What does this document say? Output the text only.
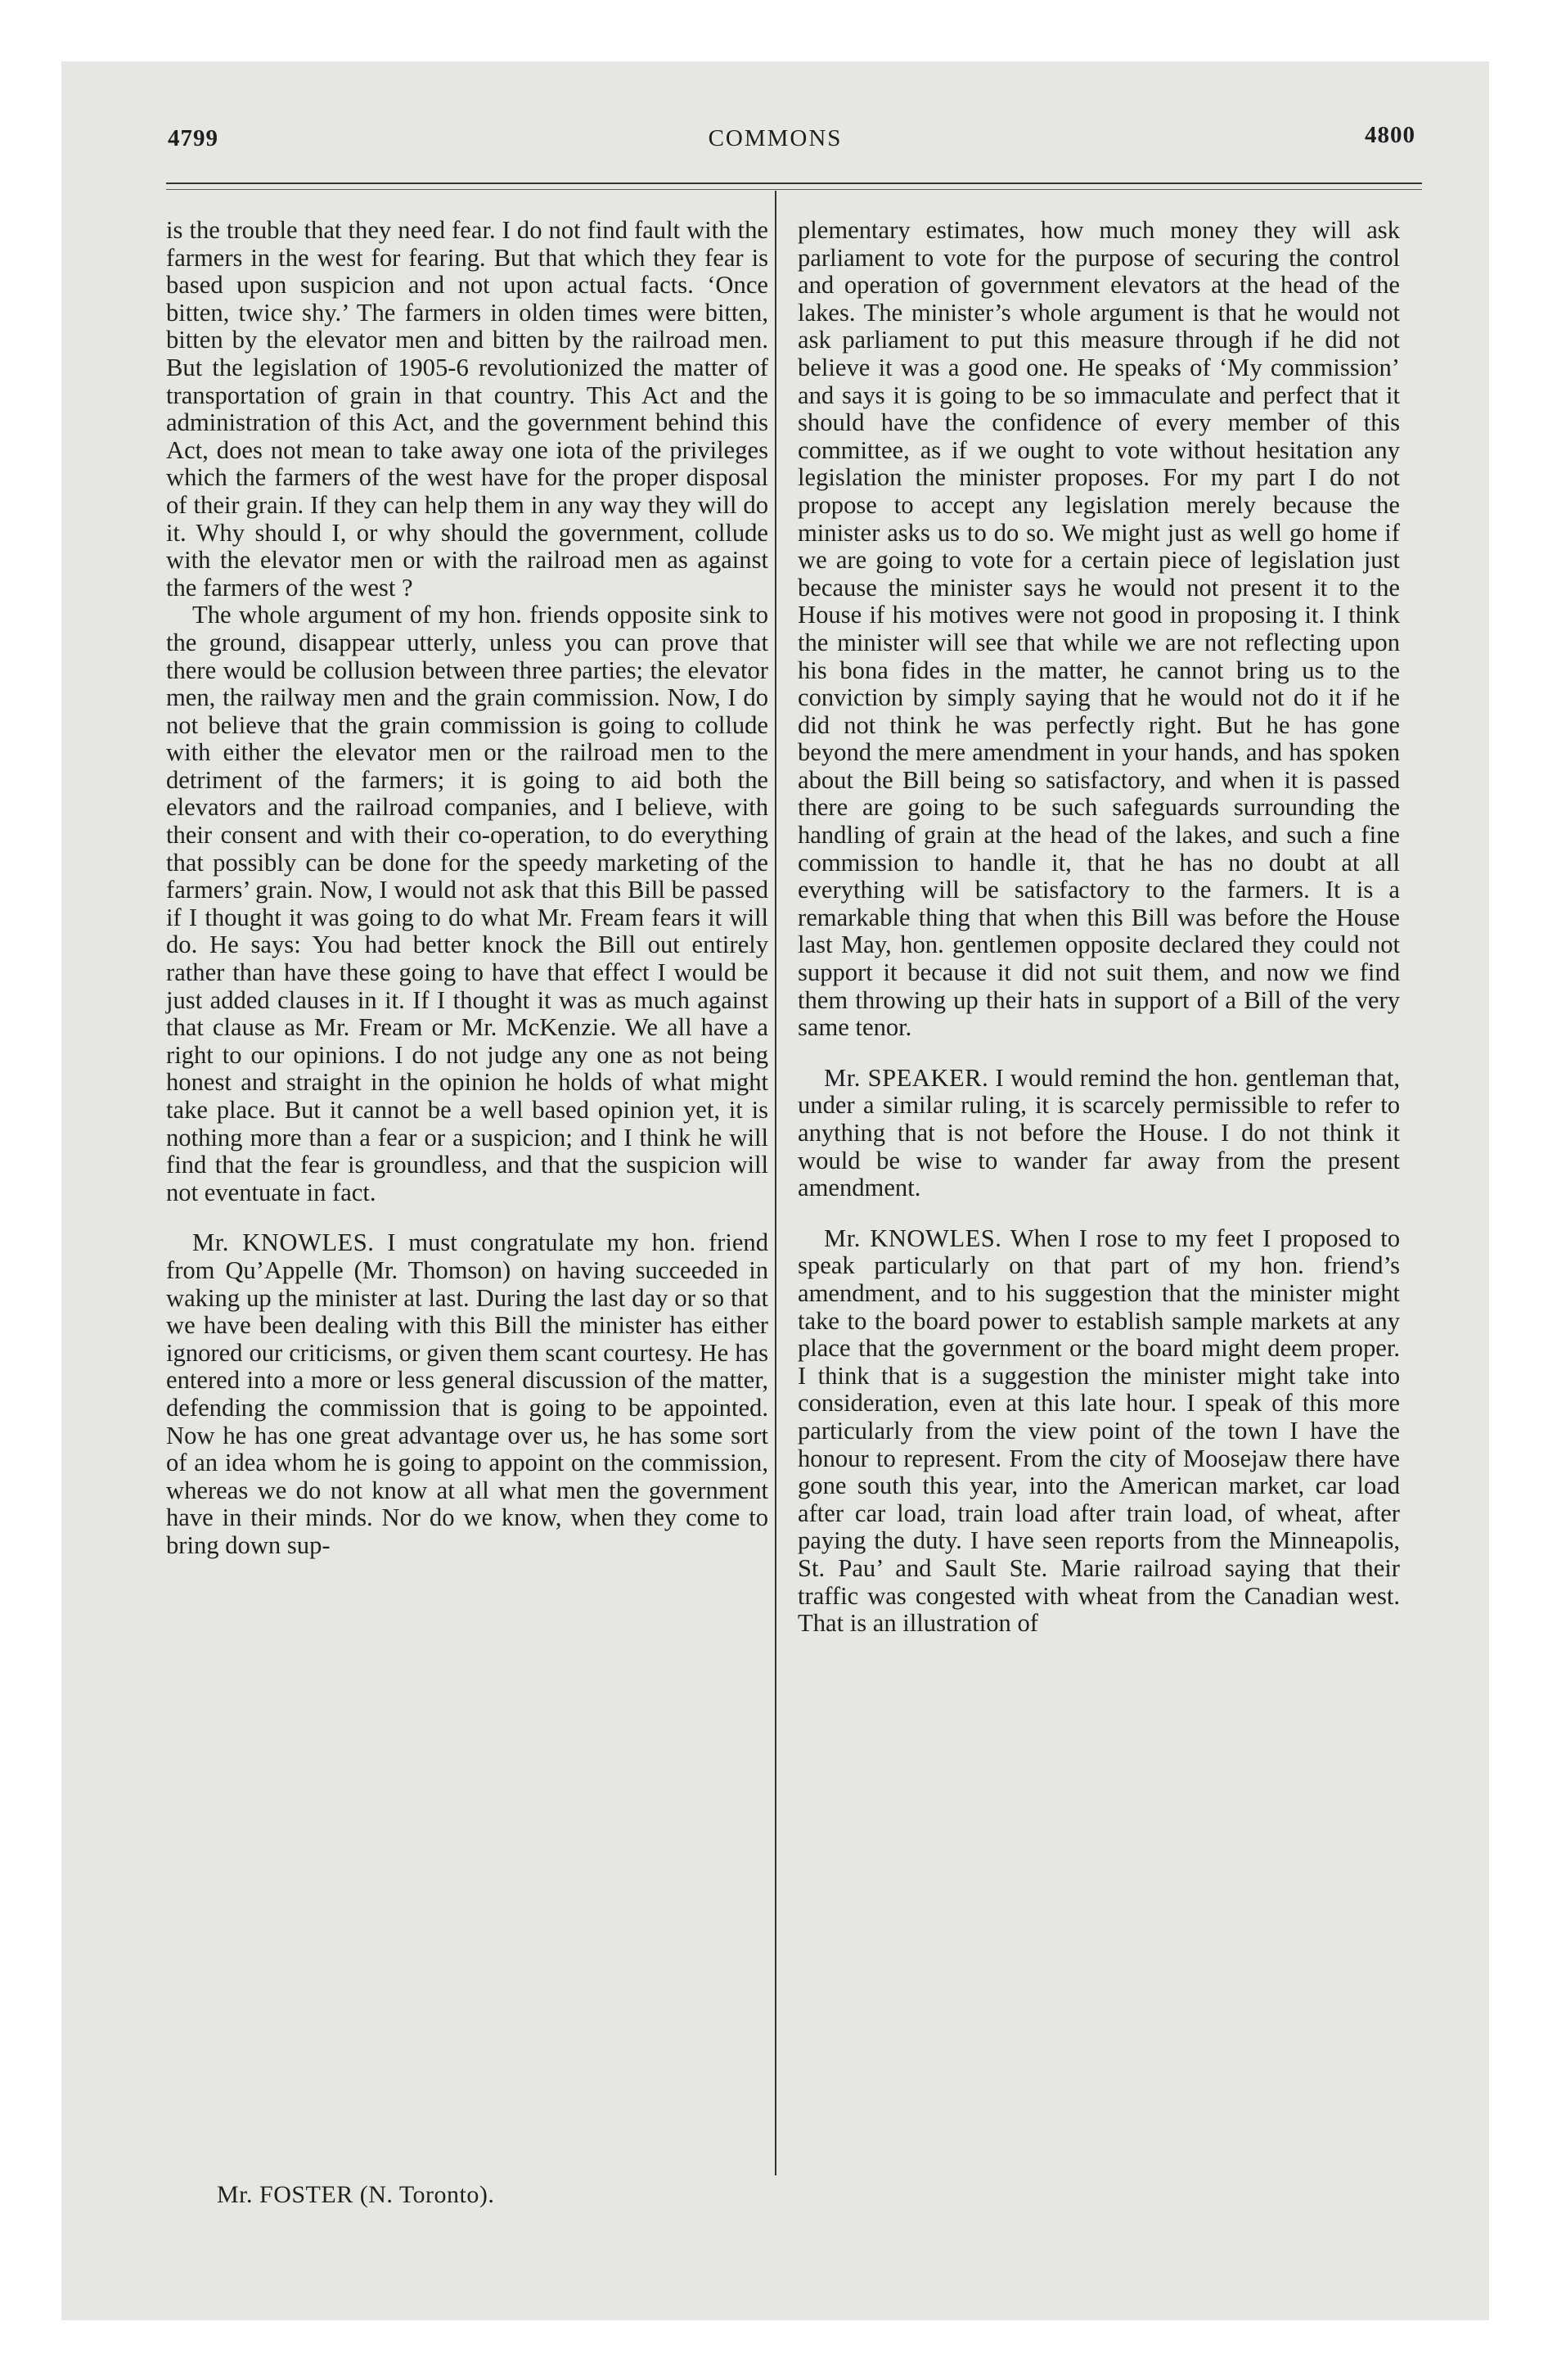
4799	COMMONS	4800

is the trouble that they need fear. I do not find fault with the farmers in the west for fearing. But that which they fear is based upon suspicion and not upon actual facts. ‘Once bitten, twice shy.’ The farmers in olden times were bitten, bitten by the elevator men and bitten by the railroad men. But the legislation of 1905-6 revolutionized the matter of transportation of grain in that country. This Act and the administration of this Act, and the government behind this Act, does not mean to take away one iota of the privileges which the farmers of the west have for the proper disposal of their grain. If they can help them in any way they will do it. Why should I, or why should the government, collude with the elevator men or with the railroad men as against the farmers of the west ?

The whole argument of my hon. friends opposite sink to the ground, disappear utterly, unless you can prove that there would be collusion between three parties; the elevator men, the railway men and the grain commission. Now, I do not believe that the grain commission is going to collude with either the elevator men or the railroad men to the detriment of the farmers; it is going to aid both the elevators and the railroad companies, and I believe, with their consent and with their co-operation, to do everything that possibly can be done for the speedy marketing of the farmers’ grain. Now, I would not ask that this Bill be passed if I thought it was going to do what Mr. Fream fears it will do. He says: You had better knock the Bill out entirely rather than have these going to have that effect I would be just added clauses in it. If I thought it was as much against that clause as Mr. Fream or Mr. McKenzie. We all have a right to our opinions. I do not judge any one as not being honest and straight in the opinion he holds of what might take place. But it cannot be a well based opinion yet, it is nothing more than a fear or a suspicion; and I think he will find that the fear is groundless, and that the suspicion will not eventuate in fact.

Mr. KNOWLES. I must congratulate my hon. friend from Qu’Appelle (Mr. Thomson) on having succeeded in waking up the minister at last. During the last day or so that we have been dealing with this Bill the minister has either ignored our criticisms, or given them scant courtesy. He has entered into a more or less general discussion of the matter, defending the commission that is going to be appointed. Now he has one great advantage over us, he has some sort of an idea whom he is going to appoint on the commission, whereas we do not know at all what men the government have in their minds. Nor do we know, when they come to bring down sup-

plementary estimates, how much money they will ask parliament to vote for the purpose of securing the control and operation of government elevators at the head of the lakes. The minister’s whole argument is that he would not ask parliament to put this measure through if he did not believe it was a good one. He speaks of ‘My commission’ and says it is going to be so immaculate and perfect that it should have the confidence of every member of this committee, as if we ought to vote without hesitation any legislation the minister proposes. For my part I do not propose to accept any legislation merely because the minister asks us to do so. We might just as well go home if we are going to vote for a certain piece of legislation just because the minister says he would not present it to the House if his motives were not good in proposing it. I think the minister will see that while we are not reflecting upon his bona fides in the matter, he cannot bring us to the conviction by simply saying that he would not do it if he did not think he was perfectly right. But he has gone beyond the mere amendment in your hands, and has spoken about the Bill being so satisfactory, and when it is passed there are going to be such safeguards surrounding the handling of grain at the head of the lakes, and such a fine commission to handle it, that he has no doubt at all everything will be satisfactory to the farmers. It is a remarkable thing that when this Bill was before the House last May, hon. gentlemen opposite declared they could not support it because it did not suit them, and now we find them throwing up their hats in support of a Bill of the very same tenor.

Mr. SPEAKER. I would remind the hon. gentleman that, under a similar ruling, it is scarcely permissible to refer to anything that is not before the House. I do not think it would be wise to wander far away from the present amendment.

Mr. KNOWLES. When I rose to my feet I proposed to speak particularly on that part of my hon. friend’s amendment, and to his suggestion that the minister might take to the board power to establish sample markets at any place that the government or the board might deem proper. I think that is a suggestion the minister might take into consideration, even at this late hour. I speak of this more particularly from the view point of the town I have the honour to represent. From the city of Moosejaw there have gone south this year, into the American market, car load after car load, train load after train load, of wheat, after paying the duty. I have seen reports from the Minneapolis, St. Pau’ and Sault Ste. Marie railroad saying that their traffic was congested with wheat from the Canadian west. That is an illustration of

Mr. FOSTER (N. Toronto).
